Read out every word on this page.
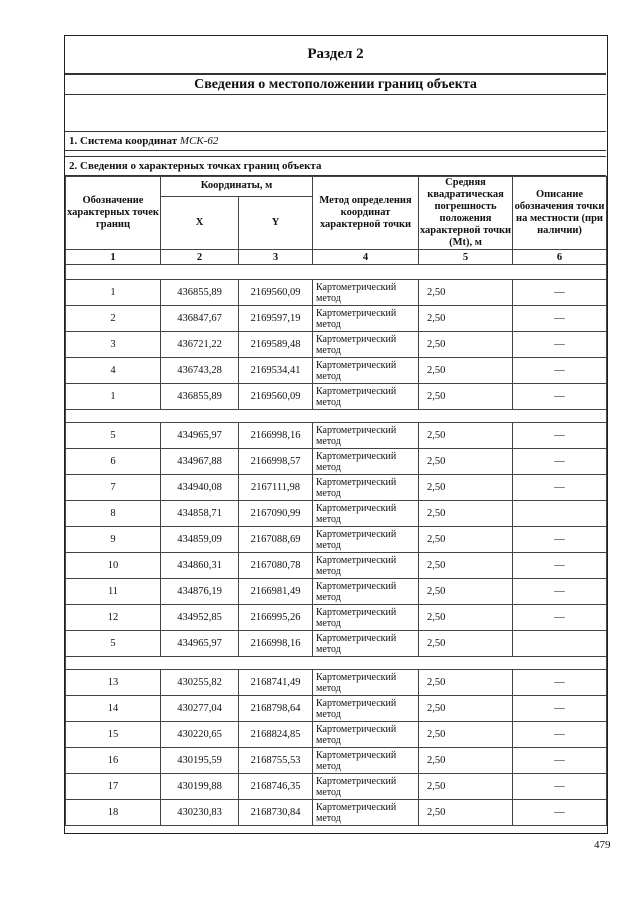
Раздел 2
Сведения о местоположении границ объекта
1. Система координат МСК-62
2. Сведения о характерных точках границ объекта
Обозначение характерных точек границ	Координаты, м		Метод определения координат характерной точки	Средняя квадратическая погрешность положения характерной точки (Mt), м	Описание обозначения точки на местности (при наличии)
	X	Y			
1	2	3	4	5	6

1	436855,89	2169560,09	Картометрический метод	2,50	—
2	436847,67	2169597,19	Картометрический метод	2,50	—
3	436721,22	2169589,48	Картометрический метод	2,50	—
4	436743,28	2169534,41	Картометрический метод	2,50	—
1	436855,89	2169560,09	Картометрический метод	2,50	—

5	434965,97	2166998,16	Картометрический метод	2,50	—
6	434967,88	2166998,57	Картометрический метод	2,50	—
7	434940,08	2167111,98	Картометрический метод	2,50	—
8	434858,71	2167090,99	Картометрический метод	2,50	
9	434859,09	2167088,69	Картометрический метод	2,50	—
10	434860,31	2167080,78	Картометрический метод	2,50	—
11	434876,19	2166981,49	Картометрический метод	2,50	—
12	434952,85	2166995,26	Картометрический метод	2,50	—
5	434965,97	2166998,16	Картометрический метод	2,50	

13	430255,82	2168741,49	Картометрический метод	2,50	—
14	430277,04	2168798,64	Картометрический метод	2,50	—
15	430220,65	2168824,85	Картометрический метод	2,50	—
16	430195,59	2168755,53	Картометрический метод	2,50	—
17	430199,88	2168746,35	Картометрический метод	2,50	—
18	430230,83	2168730,84	Картометрический метод	2,50	—
479
